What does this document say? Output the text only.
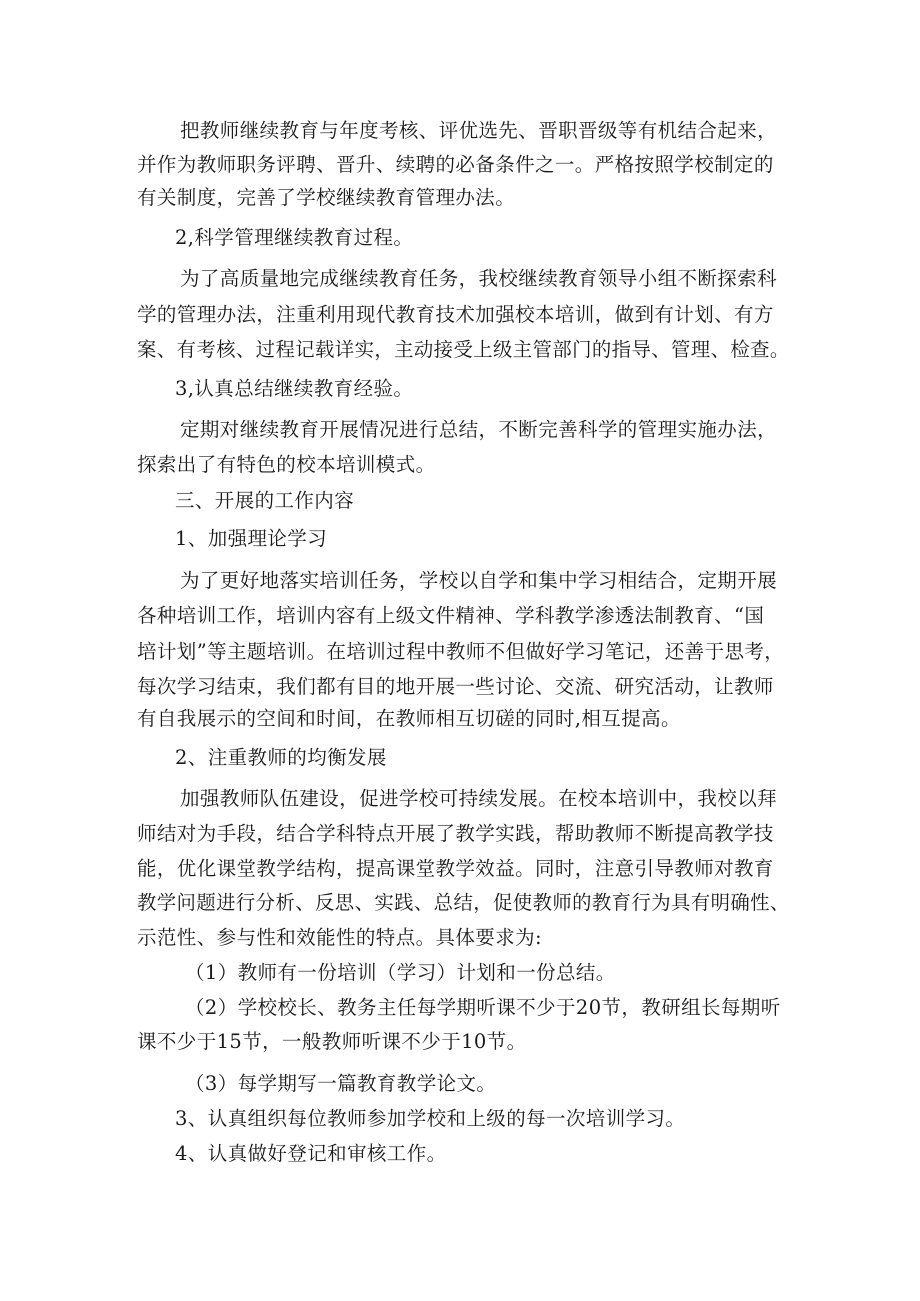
把教师继续教育与年度考核、评优选先、晋职晋级等有机结合起来，
并作为教师职务评聘、晋升、续聘的必备条件之一。严格按照学校制定的
有关制度，完善了学校继续教育管理办法。
2,科学管理继续教育过程。
为了高质量地完成继续教育任务，我校继续教育领导小组不断探索科
学的管理办法，注重利用现代教育技术加强校本培训，做到有计划、有方
案、有考核、过程记载详实，主动接受上级主管部门的指导、管理、检查。
3,认真总结继续教育经验。
定期对继续教育开展情况进行总结，不断完善科学的管理实施办法，
探索出了有特色的校本培训模式。
三、开展的工作内容
1、加强理论学习
为了更好地落实培训任务，学校以自学和集中学习相结合，定期开展
各种培训工作，培训内容有上级文件精神、学科教学渗透法制教育、“国
培计划”等主题培训。在培训过程中教师不但做好学习笔记，还善于思考，
每次学习结束，我们都有目的地开展一些讨论、交流、研究活动，让教师
有自我展示的空间和时间，在教师相互切磋的同时,相互提高。
2、注重教师的均衡发展
加强教师队伍建设，促进学校可持续发展。在校本培训中，我校以拜
师结对为手段，结合学科特点开展了教学实践，帮助教师不断提高教学技
能，优化课堂教学结构，提高课堂教学效益。同时，注意引导教师对教育
教学问题进行分析、反思、实践、总结，促使教师的教育行为具有明确性、
示范性、参与性和效能性的特点。具体要求为:
（1）教师有一份培训（学习）计划和一份总结。
（2）学校校长、教务主任每学期听课不少于20节，教研组长每期听
课不少于15节，一般教师听课不少于10节。
（3）每学期写一篇教育教学论文。
3、认真组织每位教师参加学校和上级的每一次培训学习。
4、认真做好登记和审核工作。
